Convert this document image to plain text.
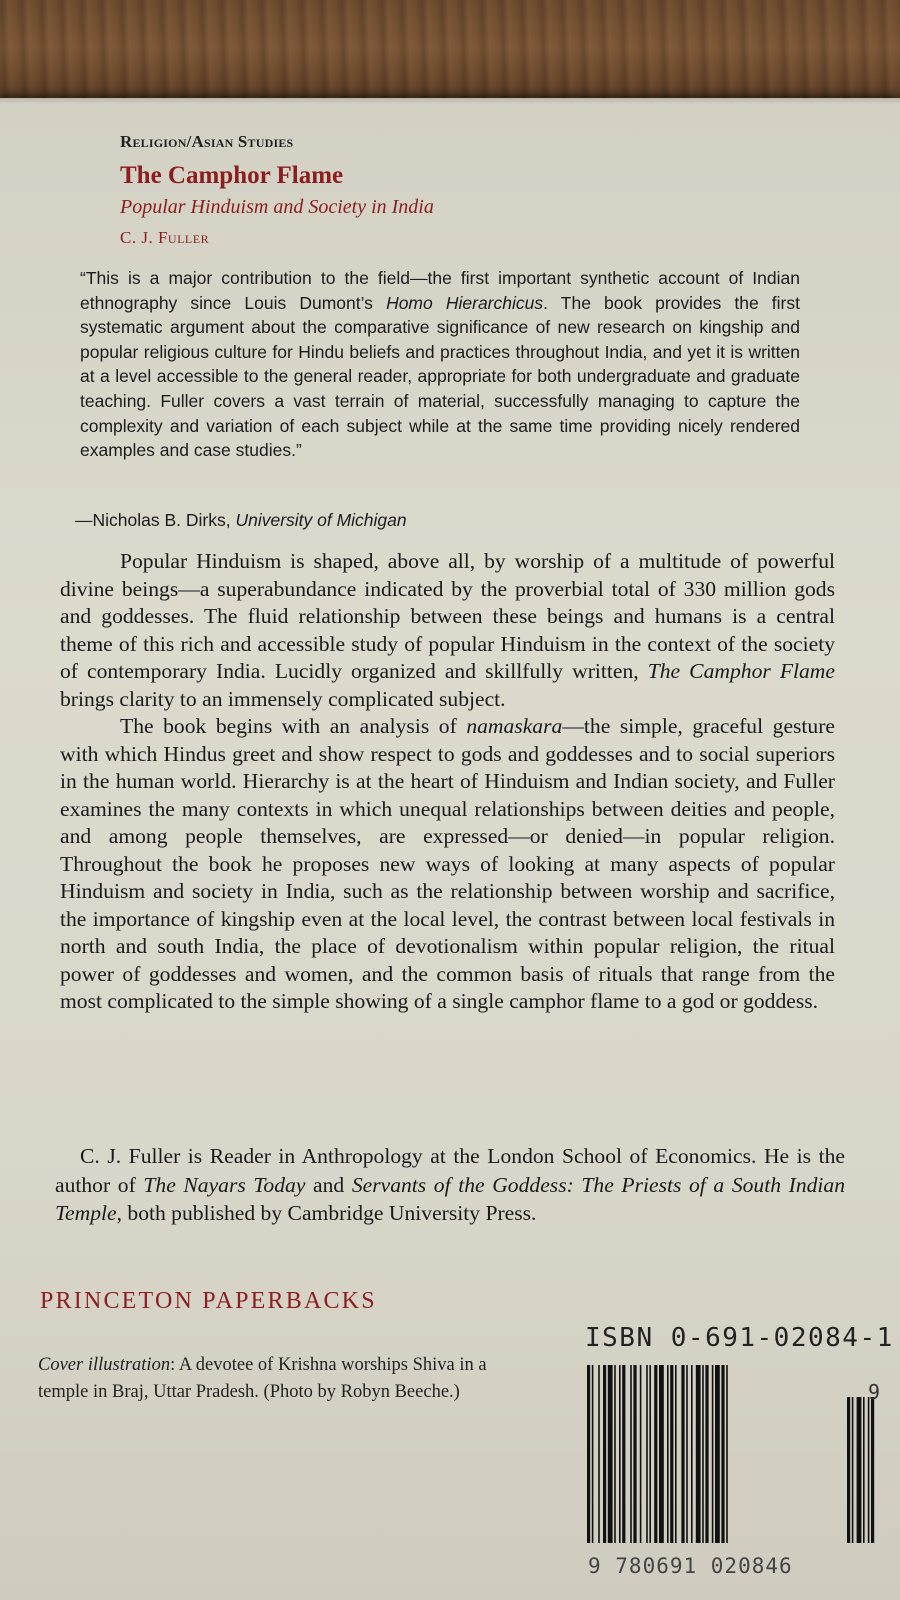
Religion/Asian Studies
The Camphor Flame
Popular Hinduism and Society in India
C. J. Fuller
“This is a major contribution to the field—the first important synthetic account of Indian ethnography since Louis Dumont’s Homo Hierarchicus. The book provides the first systematic argument about the comparative significance of new research on kingship and popular religious culture for Hindu beliefs and practices throughout India, and yet it is written at a level accessible to the general reader, appropriate for both undergraduate and graduate teaching. Fuller covers a vast terrain of material, successfully managing to capture the complexity and variation of each subject while at the same time providing nicely rendered examples and case studies.”
—Nicholas B. Dirks, University of Michigan

Popular Hinduism is shaped, above all, by worship of a multitude of powerful divine beings—a superabundance indicated by the proverbial total of 330 million gods and goddesses. The fluid relationship between these beings and humans is a central theme of this rich and accessible study of popular Hinduism in the context of the society of contemporary India. Lucidly organized and skillfully written, The Camphor Flame brings clarity to an immensely complicated subject.

The book begins with an analysis of namaskara—the simple, graceful gesture with which Hindus greet and show respect to gods and goddesses and to social superiors in the human world. Hierarchy is at the heart of Hinduism and Indian society, and Fuller examines the many contexts in which unequal relationships between deities and people, and among people themselves, are expressed—or denied—in popular religion. Throughout the book he proposes new ways of looking at many aspects of popular Hinduism and society in India, such as the relationship between worship and sacrifice, the importance of kingship even at the local level, the contrast between local festivals in north and south India, the place of devotionalism within popular religion, the ritual power of goddesses and women, and the common basis of rituals that range from the most complicated to the simple showing of a single camphor flame to a god or goddess.

C. J. Fuller is Reader in Anthropology at the London School of Economics. He is the author of The Nayars Today and Servants of the Goddess: The Priests of a South Indian Temple, both published by Cambridge University Press.

PRINCETON PAPERBACKS
Cover illustration: A devotee of Krishna worships Shiva in a temple in Braj, Uttar Pradesh. (Photo by Robyn Beeche.)
ISBN 0-691-02084-1
9
9 780691 020846
